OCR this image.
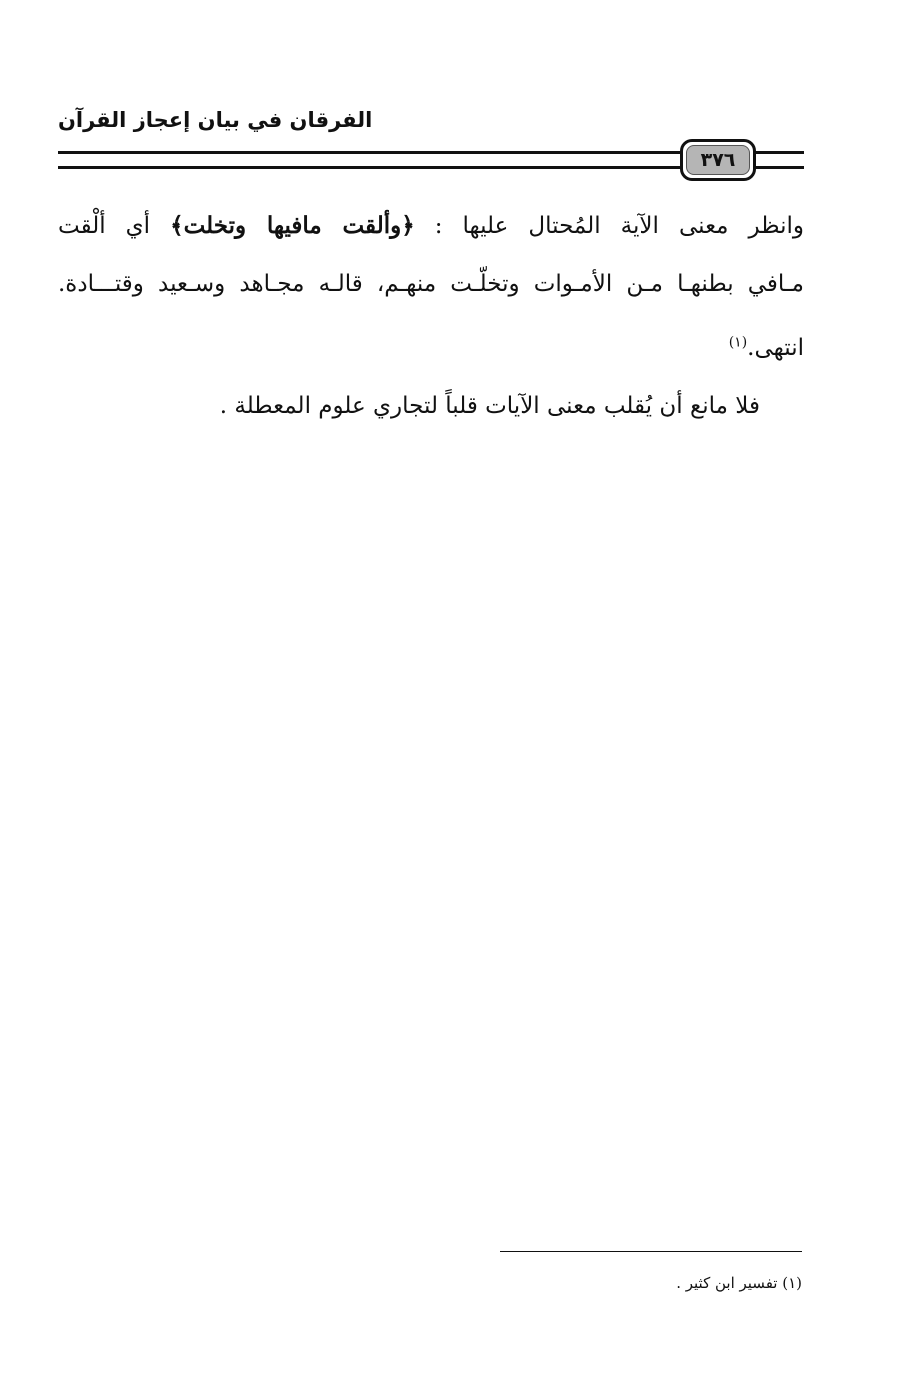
الفرقان في بيان إعجاز القرآن
٣٧٦
وانظر معنى الآية المُحتال عليها : ﴿وألقت مافيها وتخلت﴾ أي ألْقت
مـافي بطنهـا مـن الأمـوات وتخلّـت منهـم، قالـه مجـاهد وسـعيد وقتـــادة.
انتهى.$^{(١)}$
فلا مانع أن يُقلب معنى الآيات قلباً لتجاري علوم المعطلة .
(١) تفسير ابن كثير .
